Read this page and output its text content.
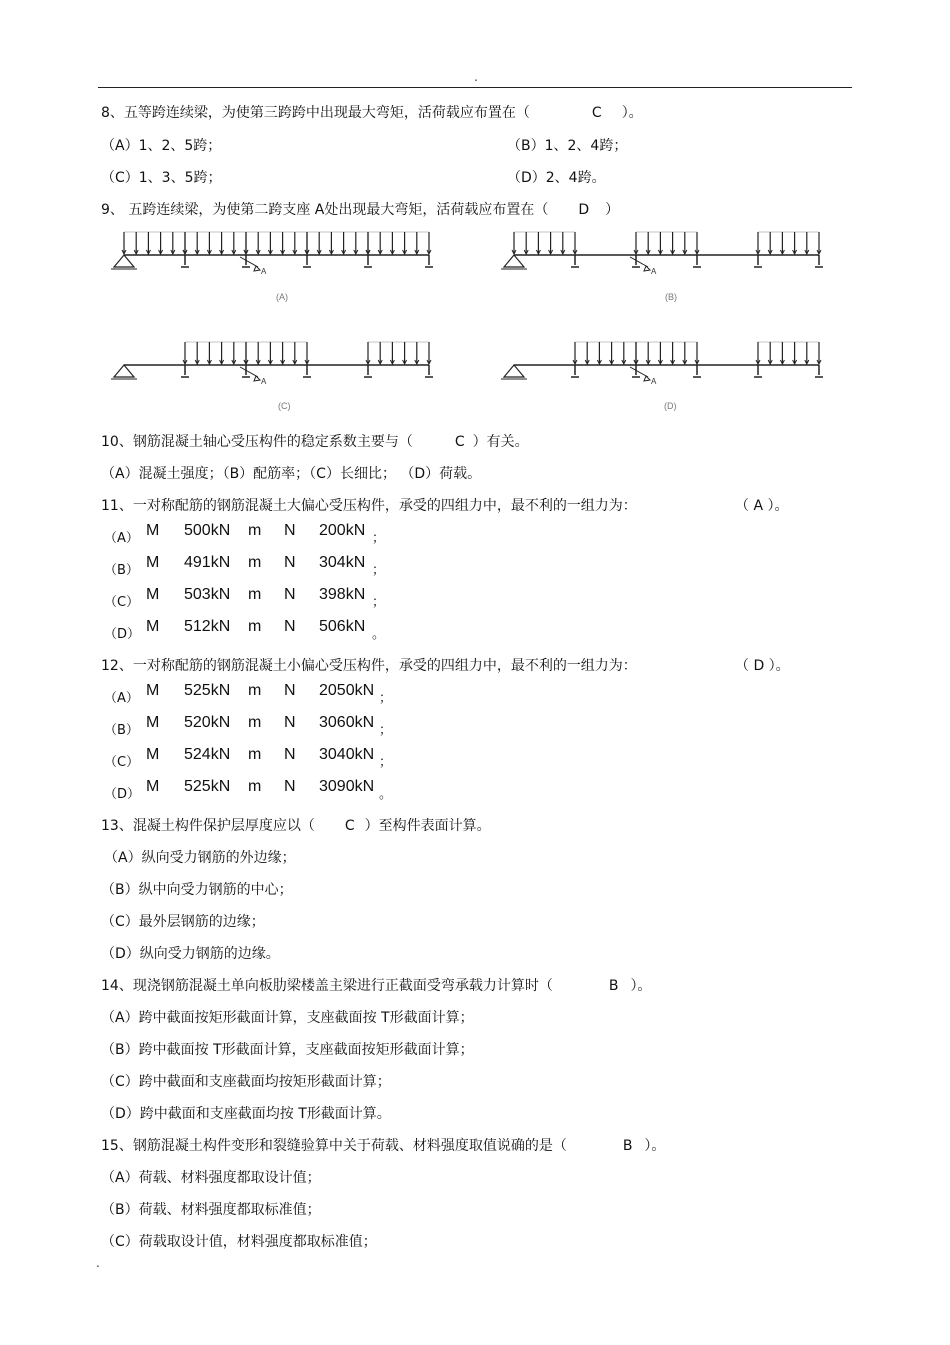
.
8、五等跨连续梁，为使第三跨跨中出现最大弯矩，活荷载应布置在（	C ）。
（A）1、2、5跨；	（B）1、2、4跨；
（C）1、3、5跨；	（D）2、4跨。
9、 五跨连续梁，为使第二跨支座 A处出现最大弯矩，活荷载应布置在（ D ）
A	A
A	A
(A)	(B)
(C)	(D)
10、钢筋混凝土轴心受压构件的稳定系数主要与（	C ）有关。
（A）混凝土强度；（B）配筋率；（C）长细比； （D）荷载。
11、一对称配筋的钢筋混凝土大偏心受压构件，承受的四组力中，最不利的一组力为：	（ A ）。
（A） M 500kN m N 200kN ；
（B） M 491kN m N 304kN ；
（C） M 503kN m N 398kN ；
（D） M 512kN m N 506kN 。
12、一对称配筋的钢筋混凝土小偏心受压构件，承受的四组力中，最不利的一组力为：	（ D ）。
（A） M 525kN m N 2050kN ；
（B） M 520kN m N 3060kN ；
（C） M 524kN m N 3040kN ；
（D） M 525kN m N 3090kN 。
13、混凝土构件保护层厚度应以（ C ）至构件表面计算。
（A）纵向受力钢筋的外边缘；
（B）纵中向受力钢筋的中心；
（C）最外层钢筋的边缘；
（D）纵向受力钢筋的边缘。
14、现浇钢筋混凝土单向板肋梁楼盖主梁进行正截面受弯承载力计算时（	B ）。
（A）跨中截面按矩形截面计算，支座截面按 T形截面计算；
（B）跨中截面按 T形截面计算，支座截面按矩形截面计算；
（C）跨中截面和支座截面均按矩形截面计算；
（D）跨中截面和支座截面均按 T形截面计算。
15、钢筋混凝土构件变形和裂缝验算中关于荷载、材料强度取值说确的是（	B ）。
（A）荷载、材料强度都取设计值；
（B）荷载、材料强度都取标准值；
（C）荷载取设计值，材料强度都取标准值；
.
